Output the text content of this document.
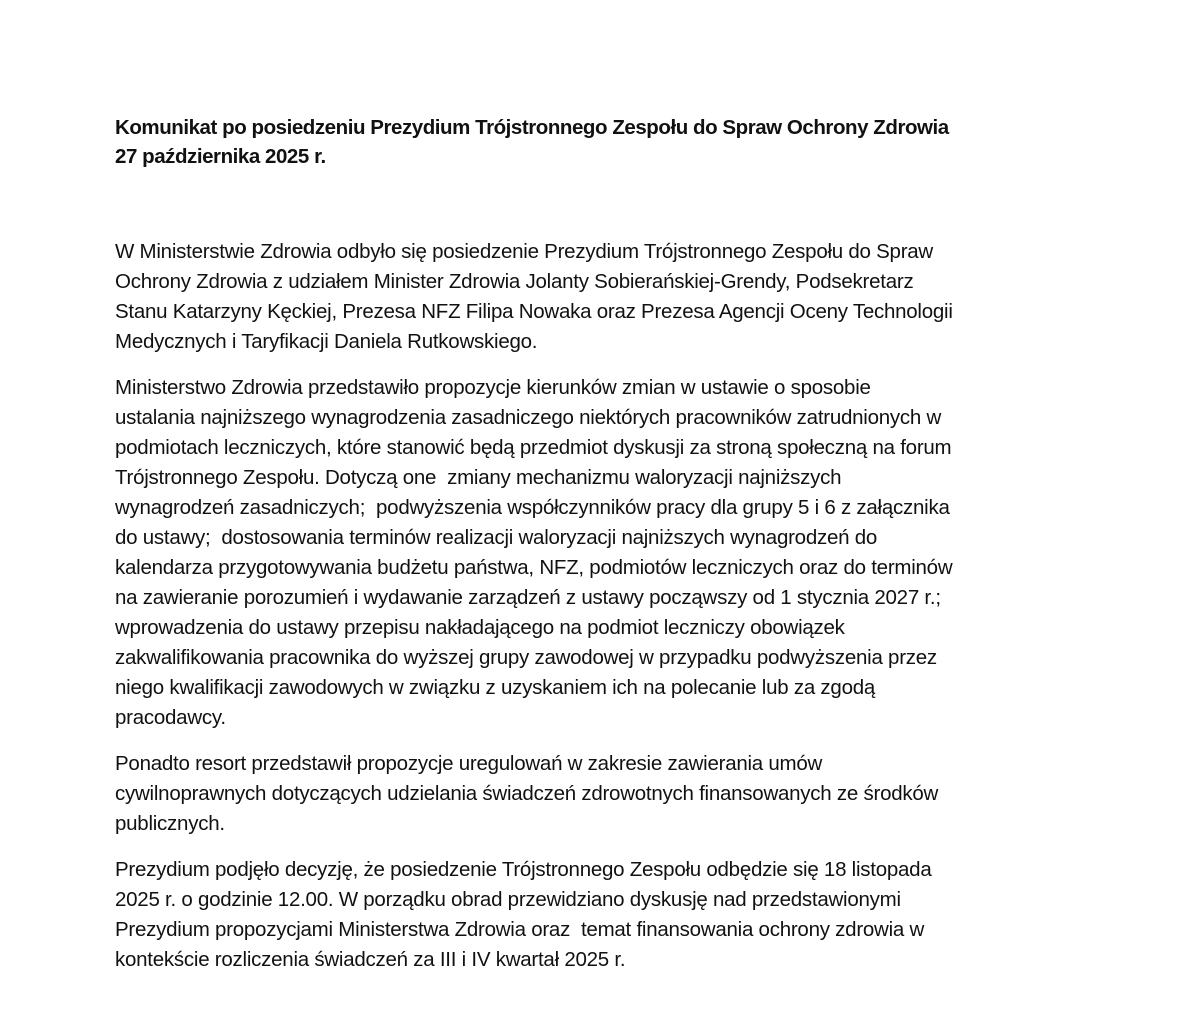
Komunikat po posiedzeniu Prezydium Trójstronnego Zespołu do Spraw Ochrony Zdrowia
27 października 2025 r.

W Ministerstwie Zdrowia odbyło się posiedzenie Prezydium Trójstronnego Zespołu do Spraw
Ochrony Zdrowia z udziałem Minister Zdrowia Jolanty Sobierańskiej-Grendy, Podsekretarz
Stanu Katarzyny Kęckiej, Prezesa NFZ Filipa Nowaka oraz Prezesa Agencji Oceny Technologii
Medycznych i Taryfikacji Daniela Rutkowskiego.

Ministerstwo Zdrowia przedstawiło propozycje kierunków zmian w ustawie o sposobie
ustalania najniższego wynagrodzenia zasadniczego niektórych pracowników zatrudnionych w
podmiotach leczniczych, które stanowić będą przedmiot dyskusji za stroną społeczną na forum
Trójstronnego Zespołu. Dotyczą one  zmiany mechanizmu waloryzacji najniższych
wynagrodzeń zasadniczych;  podwyższenia współczynników pracy dla grupy 5 i 6 z załącznika
do ustawy;  dostosowania terminów realizacji waloryzacji najniższych wynagrodzeń do
kalendarza przygotowywania budżetu państwa, NFZ, podmiotów leczniczych oraz do terminów
na zawieranie porozumień i wydawanie zarządzeń z ustawy począwszy od 1 stycznia 2027 r.;
wprowadzenia do ustawy przepisu nakładającego na podmiot leczniczy obowiązek
zakwalifikowania pracownika do wyższej grupy zawodowej w przypadku podwyższenia przez
niego kwalifikacji zawodowych w związku z uzyskaniem ich na polecanie lub za zgodą
pracodawcy.

Ponadto resort przedstawił propozycje uregulowań w zakresie zawierania umów
cywilnoprawnych dotyczących udzielania świadczeń zdrowotnych finansowanych ze środków
publicznych.

Prezydium podjęło decyzję, że posiedzenie Trójstronnego Zespołu odbędzie się 18 listopada
2025 r. o godzinie 12.00. W porządku obrad przewidziano dyskusję nad przedstawionymi
Prezydium propozycjami Ministerstwa Zdrowia oraz  temat finansowania ochrony zdrowia w
kontekście rozliczenia świadczeń za III i IV kwartał 2025 r.
